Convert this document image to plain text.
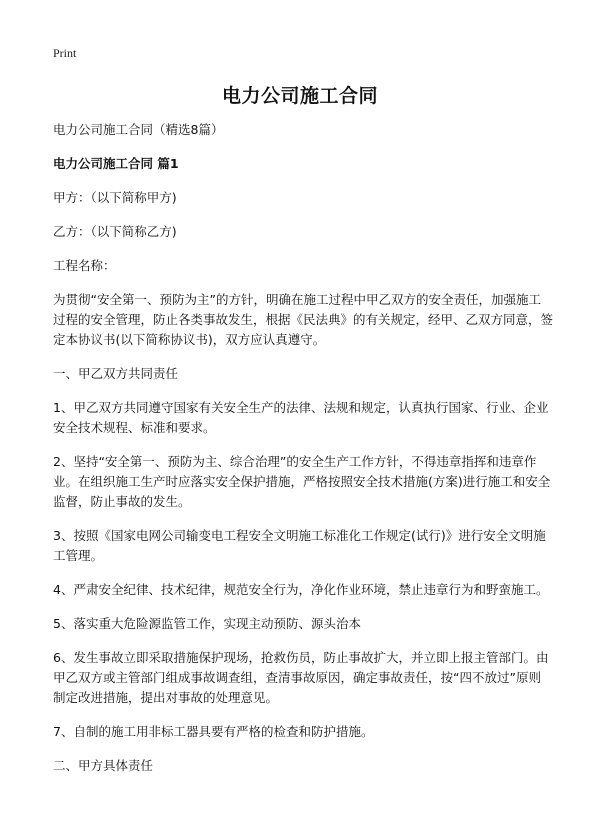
Print
电力公司施工合同

电力公司施工合同（精选8篇）

电力公司施工合同 篇1

甲方：（以下简称甲方)

乙方：（以下简称乙方)

工程名称：

为贯彻“安全第一、预防为主”的方针，明确在施工过程中甲乙双方的安全责任，加强施工过程的安全管理，防止各类事故发生，根据《民法典》的有关规定，经甲、乙双方同意，签定本协议书(以下简称协议书)，双方应认真遵守。

一、甲乙双方共同责任

1、甲乙双方共同遵守国家有关安全生产的法律、法规和规定，认真执行国家、行业、企业安全技术规程、标准和要求。

2、坚持“安全第一、预防为主、综合治理”的安全生产工作方针，不得违章指挥和违章作业。在组织施工生产时应落实安全保护措施，严格按照安全技术措施(方案)进行施工和安全监督，防止事故的发生。

3、按照《国家电网公司输变电工程安全文明施工标准化工作规定(试行)》进行安全文明施工管理。

4、严肃安全纪律、技术纪律，规范安全行为，净化作业环境，禁止违章行为和野蛮施工。

5、落实重大危险源监管工作，实现主动预防、源头治本

6、发生事故立即采取措施保护现场，抢救伤员，防止事故扩大，并立即上报主管部门。由甲乙双方或主管部门组成事故调查组，查清事故原因，确定事故责任，按“四不放过”原则制定改进措施，提出对事故的处理意见。

7、自制的施工用非标工器具要有严格的检查和防护措施。

二、甲方具体责任
